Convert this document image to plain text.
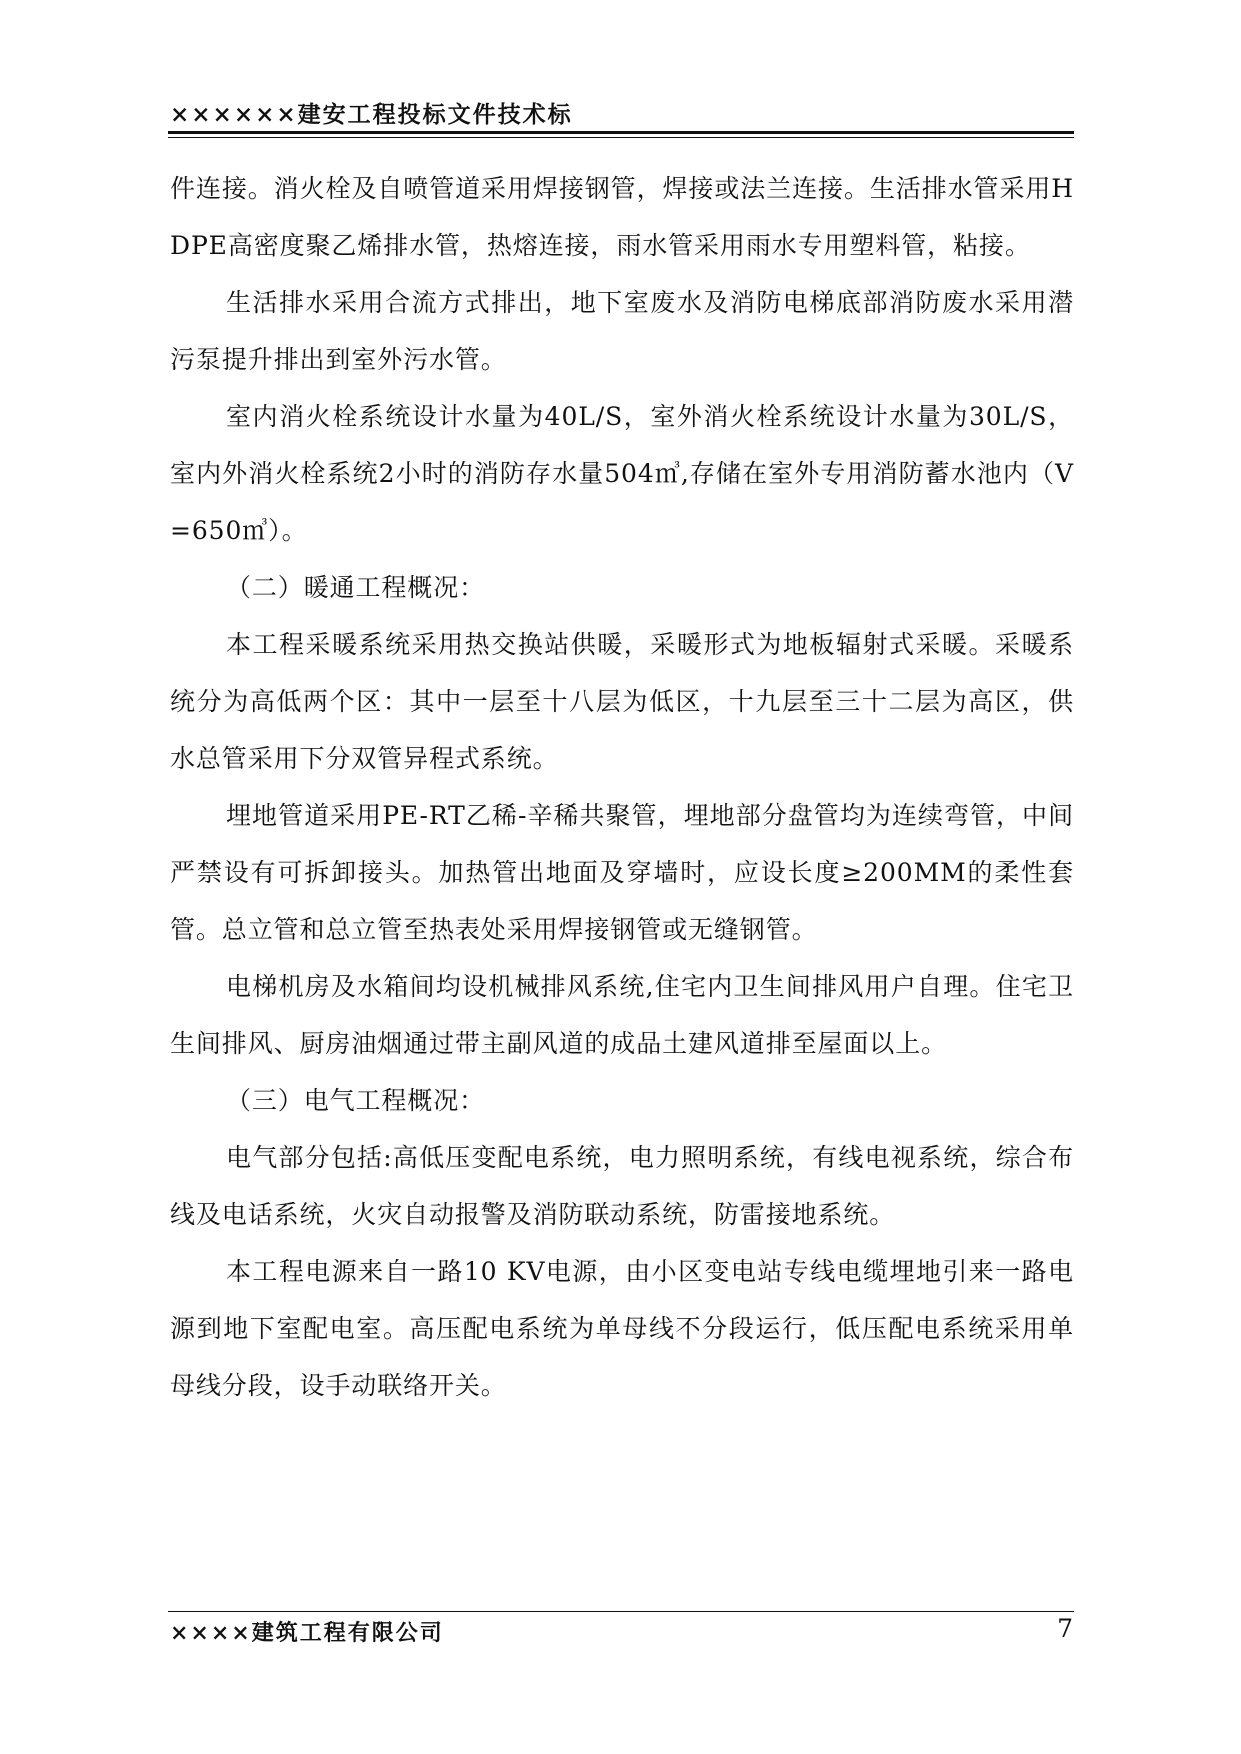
××××××建安工程投标文件技术标

件连接。消火栓及自喷管道采用焊接钢管，焊接或法兰连接。生活排水管采用HDPE高密度聚乙烯排水管，热熔连接，雨水管采用雨水专用塑料管，粘接。

生活排水采用合流方式排出，地下室废水及消防电梯底部消防废水采用潜污泵提升排出到室外污水管。

室内消火栓系统设计水量为40L/S，室外消火栓系统设计水量为30L/S，室内外消火栓系统2小时的消防存水量504㎥,存储在室外专用消防蓄水池内（V=650㎥）。

（二）暖通工程概况：

本工程采暖系统采用热交换站供暖，采暖形式为地板辐射式采暖。采暖系统分为高低两个区：其中一层至十八层为低区，十九层至三十二层为高区，供水总管采用下分双管异程式系统。

埋地管道采用PE-RT乙稀-辛稀共聚管，埋地部分盘管均为连续弯管，中间严禁设有可拆卸接头。加热管出地面及穿墙时，应设长度≥200MM的柔性套管。总立管和总立管至热表处采用焊接钢管或无缝钢管。

电梯机房及水箱间均设机械排风系统,住宅内卫生间排风用户自理。住宅卫生间排风、厨房油烟通过带主副风道的成品土建风道排至屋面以上。

（三）电气工程概况：

电气部分包括:高低压变配电系统，电力照明系统，有线电视系统，综合布线及电话系统，火灾自动报警及消防联动系统，防雷接地系统。

本工程电源来自一路10 KV电源，由小区变电站专线电缆埋地引来一路电源到地下室配电室。高压配电系统为单母线不分段运行，低压配电系统采用单母线分段，设手动联络开关。

××××建筑工程有限公司	7
